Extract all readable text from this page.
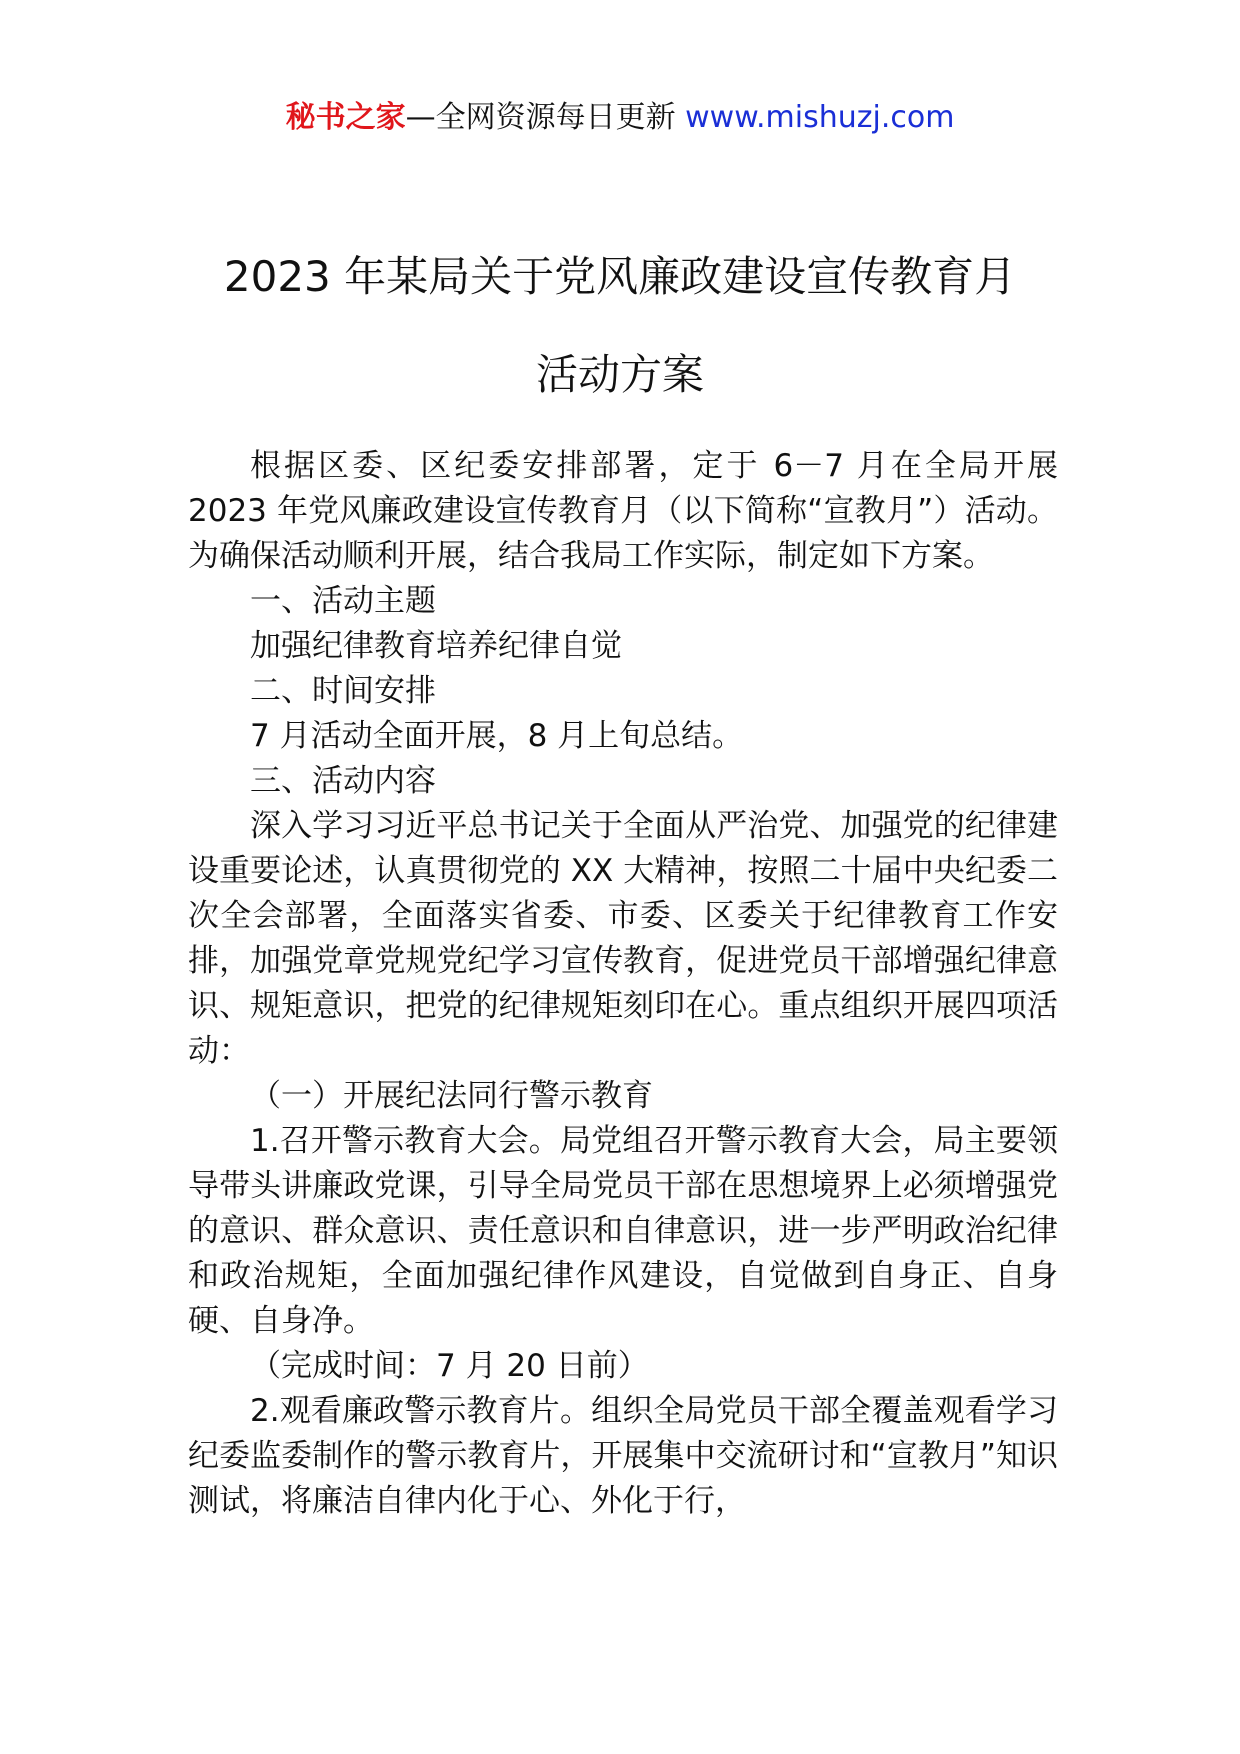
秘书之家—全网资源每日更新 www.mishuzj.com
2023 年某局关于党风廉政建设宣传教育月
活动方案

根据区委、区纪委安排部署，定于 6－7 月在全局开展 2023 年党风廉政建设宣传教育月（以下简称“宣教月”）活动。为确保活动顺利开展，结合我局工作实际，制定如下方案。

一、活动主题

加强纪律教育培养纪律自觉

二、时间安排

7 月活动全面开展，8 月上旬总结。

三、活动内容

深入学习习近平总书记关于全面从严治党、加强党的纪律建设重要论述，认真贯彻党的 XX 大精神，按照二十届中央纪委二次全会部署，全面落实省委、市委、区委关于纪律教育工作安排，加强党章党规党纪学习宣传教育，促进党员干部增强纪律意识、规矩意识，把党的纪律规矩刻印在心。重点组织开展四项活动：

（一）开展纪法同行警示教育

1.召开警示教育大会。局党组召开警示教育大会，局主要领导带头讲廉政党课，引导全局党员干部在思想境界上必须增强党的意识、群众意识、责任意识和自律意识，进一步严明政治纪律和政治规矩，全面加强纪律作风建设，自觉做到自身正、自身硬、自身净。

（完成时间：7 月 20 日前）

2.观看廉政警示教育片。组织全局党员干部全覆盖观看学习纪委监委制作的警示教育片，开展集中交流研讨和“宣教月”知识测试，将廉洁自律内化于心、外化于行，
